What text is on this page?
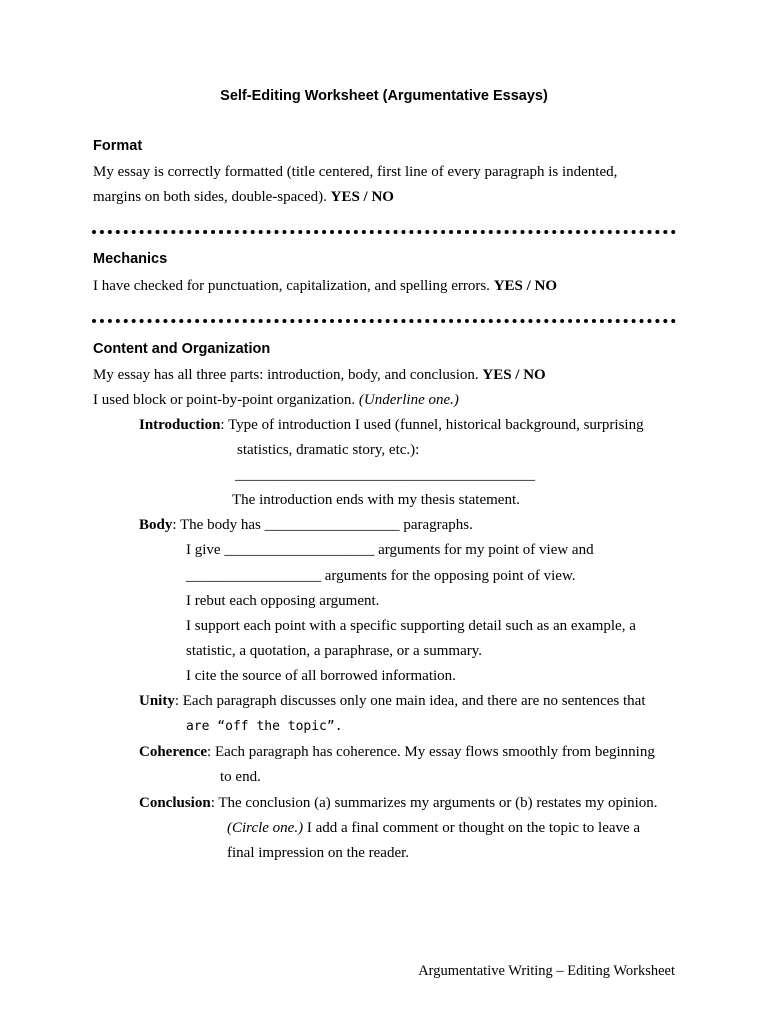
Self-Editing Worksheet (Argumentative Essays)
Format
My essay is correctly formatted (title centered, first line of every paragraph is indented,
margins on both sides, double-spaced). YES / NO
Mechanics
I have checked for punctuation, capitalization, and spelling errors. YES / NO
Content and Organization
My essay has all three parts: introduction, body, and conclusion. YES / NO
I used block or point-by-point organization. (Underline one.)
Introduction: Type of introduction I used (funnel, historical background, surprising
statistics, dramatic story, etc.):
________________________________________
The introduction ends with my thesis statement.
Body: The body has __________________ paragraphs.
I give ____________________ arguments for my point of view and
__________________ arguments for the opposing point of view.
I rebut each opposing argument.
I support each point with a specific supporting detail such as an example, a
statistic, a quotation, a paraphrase, or a summary.
I cite the source of all borrowed information.
Unity: Each paragraph discusses only one main idea, and there are no sentences that
are “off the topic”.
Coherence: Each paragraph has coherence. My essay flows smoothly from beginning
to end.
Conclusion: The conclusion (a) summarizes my arguments or (b) restates my opinion.
(Circle one.) I add a final comment or thought on the topic to leave a
final impression on the reader.
Argumentative Writing – Editing Worksheet
